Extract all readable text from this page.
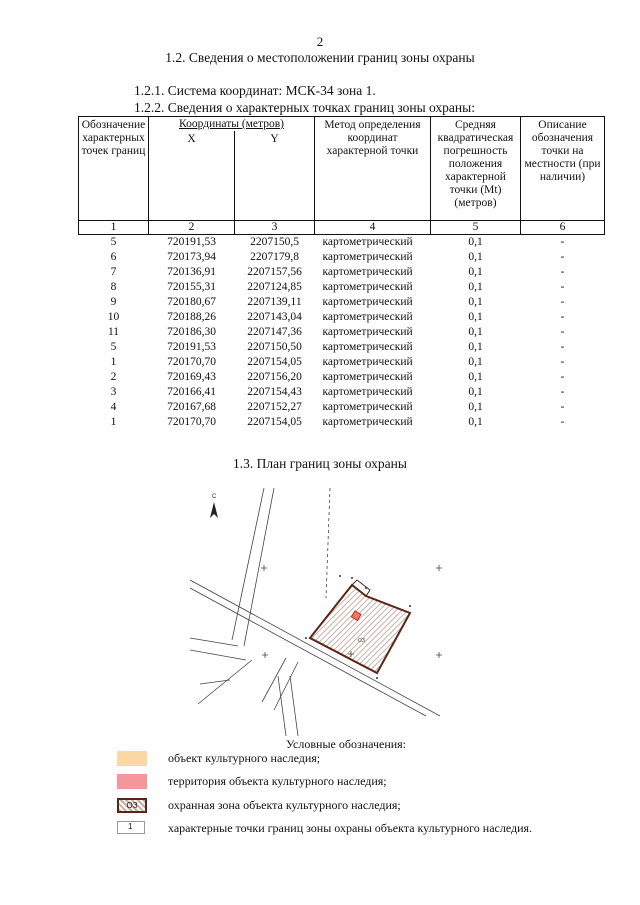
2
1.2. Сведения о местоположении границ зоны охраны
1.2.1. Система координат: МСК-34 зона 1.
1.2.2. Сведения о характерных точках границ зоны охраны:
Обозначение характерных точек границ	Координаты (метров)		Метод определения координат характерной точки	Средняя квадратическая погрешность положения характерной точки (Mt) (метров)	Описание обозначения точки на местности (при наличии)
	X	Y			
1	2	3	4	5	6
5	720191,53	2207150,5	картометрический	0,1	-
6	720173,94	2207179,8	картометрический	0,1	-
7	720136,91	2207157,56	картометрический	0,1	-
8	720155,31	2207124,85	картометрический	0,1	-
9	720180,67	2207139,11	картометрический	0,1	-
10	720188,26	2207143,04	картометрический	0,1	-
11	720186,30	2207147,36	картометрический	0,1	-
5	720191,53	2207150,50	картометрический	0,1	-
1	720170,70	2207154,05	картометрический	0,1	-
2	720169,43	2207156,20	картометрический	0,1	-
3	720166,41	2207154,43	картометрический	0,1	-
4	720167,68	2207152,27	картометрический	0,1	-
1	720170,70	2207154,05	картометрический	0,1	-
1.3. План границ зоны охраны
ОЗ
С
Условные обозначения:
объект культурного наследия;
территория объекта культурного наследия;
ОЗ	охранная зона объекта культурного наследия;
1	характерные точки границ зоны охраны объекта культурного наследия.
